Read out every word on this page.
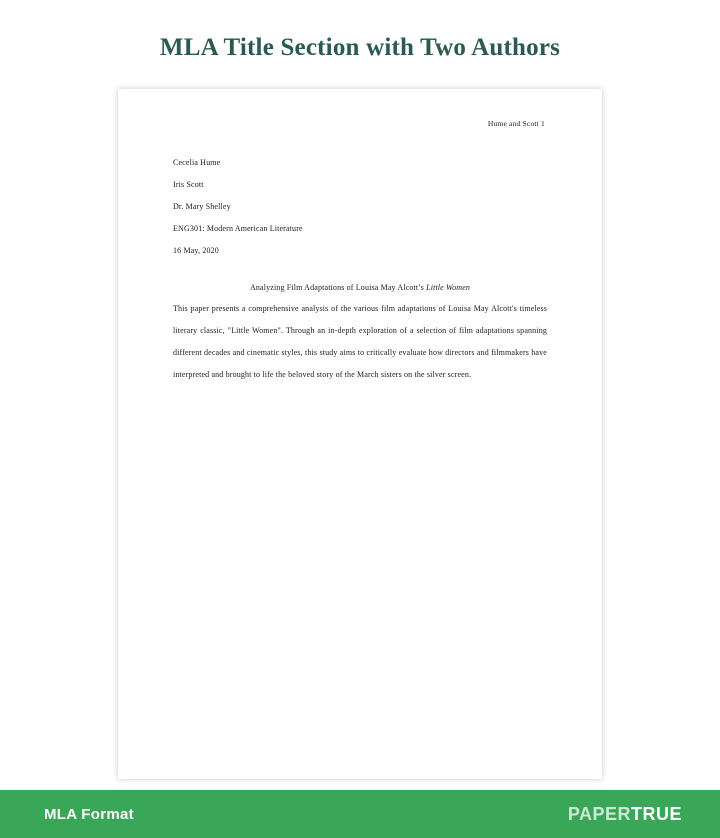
MLA Title Section with Two Authors
Hume and Scott 1

Cecelia Hume

Iris Scott

Dr. Mary Shelley

ENG301: Modern American Literature

16 May, 2020

Analyzing Film Adaptations of Louisa May Alcott’s Little Women

This paper presents a comprehensive analysis of the various film adaptations of Louisa May Alcott's timeless literary classic, "Little Women". Through an in-depth exploration of a selection of film adaptations spanning different decades and cinematic styles, this study aims to critically evaluate how directors and filmmakers have interpreted and brought to life the beloved story of the March sisters on the silver screen.

MLA Format	PAPER TRUE
